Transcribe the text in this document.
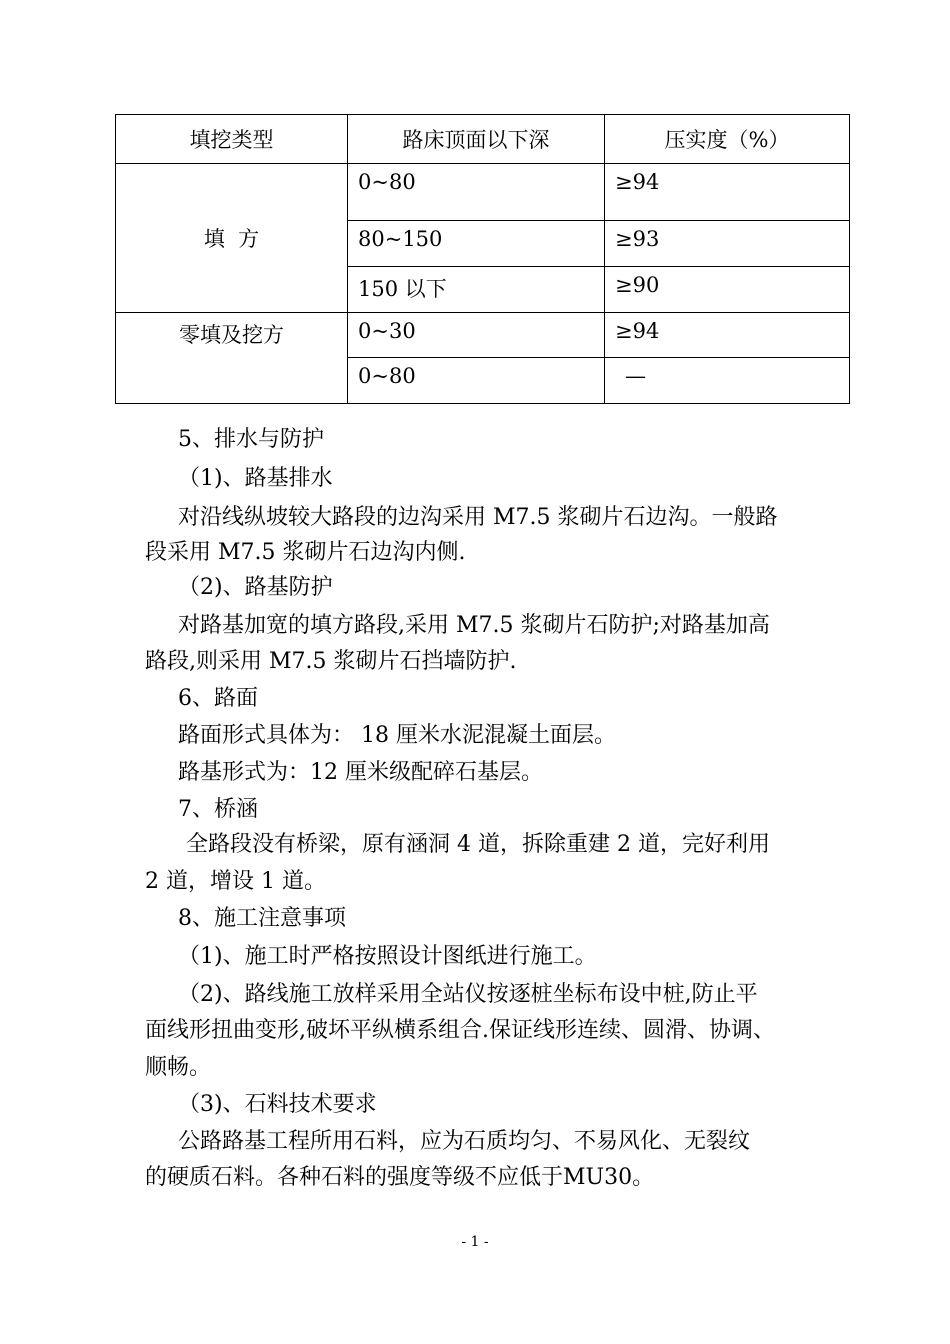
填挖类型	路床顶面以下深	压实度（%）
填  方	0~80	≥94
	80~150	≥93
	150 以下	≥90
零填及挖方	0~30	≥94
	0~80	—
5、排水与防护
（1)、路基排水
对沿线纵坡较大路段的边沟采用 M7.5 浆砌片石边沟。一般路
段采用 M7.5 浆砌片石边沟内侧.
（2)、路基防护
对路基加宽的填方路段,采用 M7.5 浆砌片石防护;对路基加高
路段,则采用 M7.5 浆砌片石挡墙防护.
6、路面
路面形式具体为： 18 厘米水泥混凝土面层。
路基形式为：12 厘米级配碎石基层。
7、桥涵
全路段没有桥梁，原有涵洞 4 道，拆除重建 2 道，完好利用
2 道，增设 1 道。
8、施工注意事项
（1)、施工时严格按照设计图纸进行施工。
（2)、路线施工放样采用全站仪按逐桩坐标布设中桩,防止平
面线形扭曲变形,破坏平纵横系组合.保证线形连续、圆滑、协调、
顺畅。
（3)、石料技术要求
公路路基工程所用石料，应为石质均匀、不易风化、无裂纹
的硬质石料。各种石料的强度等级不应低于MU30。
- 1 -
